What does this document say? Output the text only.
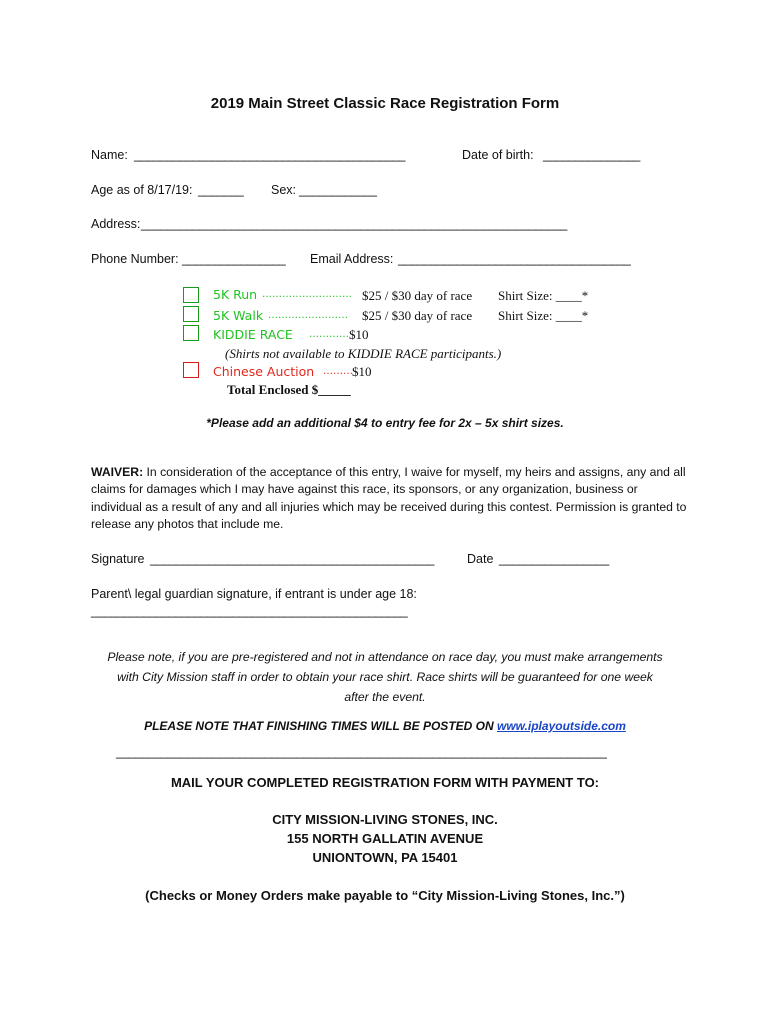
2019 Main Street Classic Race Registration Form
Name: __________________________________________	Date of birth: _______________
Age as of 8/17/19: _______ Sex: ____________
Address: __________________________________________________________________
Phone Number: ________________ Email Address: ____________________________________
5K Run ……………………… $25 / $30 day of race Shirt Size: ____*
5K Walk …………………… $25 / $30 day of race Shirt Size: ____*
KIDDIE RACE ………… $10
(Shirts not available to KIDDIE RACE participants.)
Chinese Auction ……… $10
Total Enclosed $_____
*Please add an additional $4 to entry fee for 2x – 5x shirt sizes.
WAIVER: In consideration of the acceptance of this entry, I waive for myself, my heirs and assigns, any and all claims for damages which I may have against this race, its sponsors, or any organization, business or individual as a result of any and all injuries which may be received during this contest. Permission is granted to release any photos that include me.
Signature ____________________________________________	Date _________________
Parent\ legal guardian signature, if entrant is under age 18:
_________________________________________________
Please note, if you are pre-registered and not in attendance on race day, you must make arrangements
with City Mission staff in order to obtain your race shirt. Race shirts will be guaranteed for one week
after the event.
PLEASE NOTE THAT FINISHING TIMES WILL BE POSTED ON www.iplayoutside.com
____________________________________________________________________________
MAIL YOUR COMPLETED REGISTRATION FORM WITH PAYMENT TO:
CITY MISSION-LIVING STONES, INC.
155 NORTH GALLATIN AVENUE
UNIONTOWN, PA 15401
(Checks or Money Orders make payable to “City Mission-Living Stones, Inc.”)
